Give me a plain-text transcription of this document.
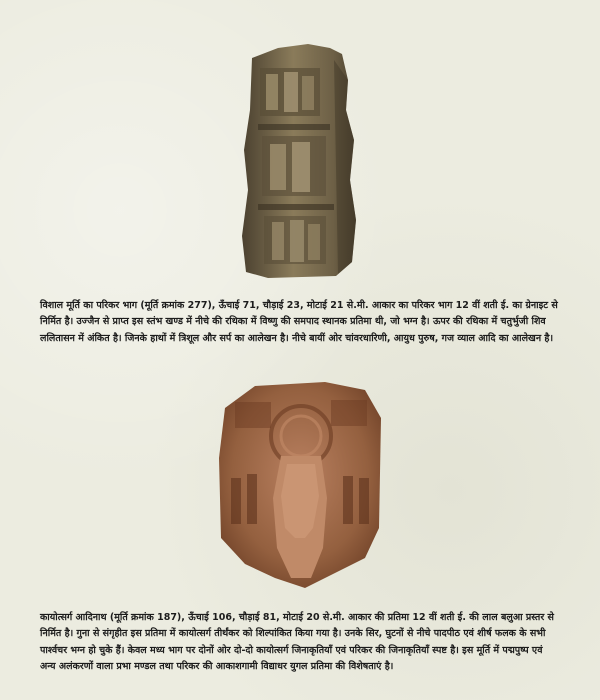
विशाल मूर्ति का परिकर भाग (मूर्ति क्रमांक 277), ऊँचाई 71, चौड़ाई 23, मोटाई 21 से.मी. आकार का परिकर भाग 12 वीं शती ई. का ग्रेनाइट से निर्मित है। उज्जैन से प्राप्त इस स्तंभ खण्ड में नीचे की रथिका में विष्णु की समपाद स्थानक प्रतिमा थी, जो भग्न है। ऊपर की रथिका में चतुर्भुजी शिव ललितासन में अंकित है। जिनके हाथों में त्रिशूल और सर्प का आलेखन है। नीचे बायीं ओर चांवरधारिणी, आयुध पुरुष, गज व्याल आदि का आलेखन है।

कायोत्सर्ग आदिनाथ (मूर्ति क्रमांक 187), ऊँचाई 106, चौड़ाई 81, मोटाई 20 से.मी. आकार की प्रतिमा 12 वीं शती ई. की लाल बलुआ प्रस्तर से निर्मित है। गुना से संगृहीत इस प्रतिमा में कायोत्सर्ग तीर्थंकर को शिल्पांकित किया गया है। उनके सिर, घुटनों से नीचे पादपीठ एवं शीर्ष फलक के सभी पार्श्वचर भग्न हो चुके हैं। केवल मध्य भाग पर दोनों ओर दो-दो कायोत्सर्ग जिनाकृतियाँ एवं परिकर की जिनाकृतियाँ स्पष्ट है। इस मूर्ति में पद्मपुष्प एवं अन्य अलंकरणों वाला प्रभा मण्डल तथा परिकर की आकाशगामी विद्याधर युगल प्रतिमा की विशेषताएं है।
